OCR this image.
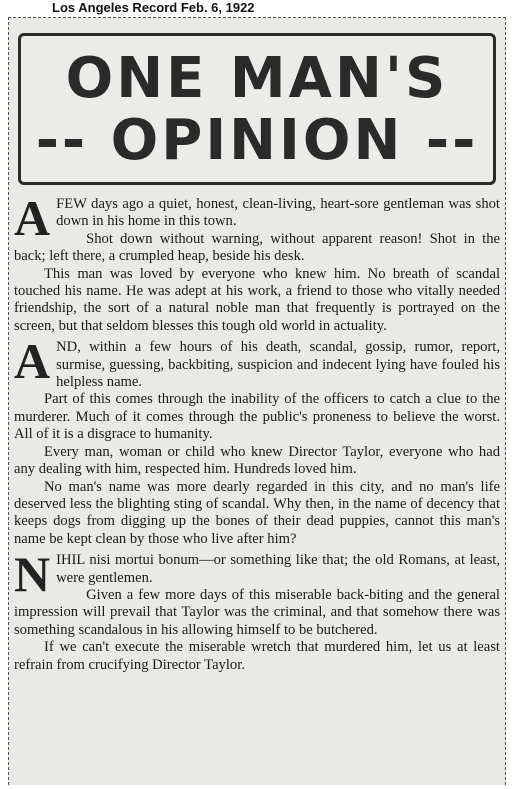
Los Angeles Record Feb. 6, 1922
ONE MAN'S
-- OPINION --

AFEW days ago a quiet, honest, clean-living, heart-sore gentleman was shot down in his home in this town.

Shot down without warning, without apparent reason! Shot in the back; left there, a crumpled heap, beside his desk.

This man was loved by everyone who knew him. No breath of scandal touched his name. He was adept at his work, a friend to those who vitally needed friendship, the sort of a natural noble man that frequently is portrayed on the screen, but that seldom blesses this tough old world in actuality.

AND, within a few hours of his death, scandal, gossip, rumor, report, surmise, guessing, backbiting, suspicion and indecent lying have fouled his helpless name.

Part of this comes through the inability of the officers to catch a clue to the murderer. Much of it comes through the public's proneness to believe the worst. All of it is a disgrace to humanity.

Every man, woman or child who knew Director Taylor, everyone who had any dealing with him, respected him. Hundreds loved him.

No man's name was more dearly regarded in this city, and no man's life deserved less the blighting sting of scandal. Why then, in the name of decency that keeps dogs from digging up the bones of their dead puppies, cannot this man's name be kept clean by those who live after him?

NIHIL nisi mortui bonum—or something like that; the old Romans, at least, were gentlemen.

Given a few more days of this miserable back-biting and the general impression will prevail that Taylor was the criminal, and that somehow there was something scandalous in his allowing himself to be butchered.

If we can't execute the miserable wretch that murdered him, let us at least refrain from crucifying Director Taylor.
